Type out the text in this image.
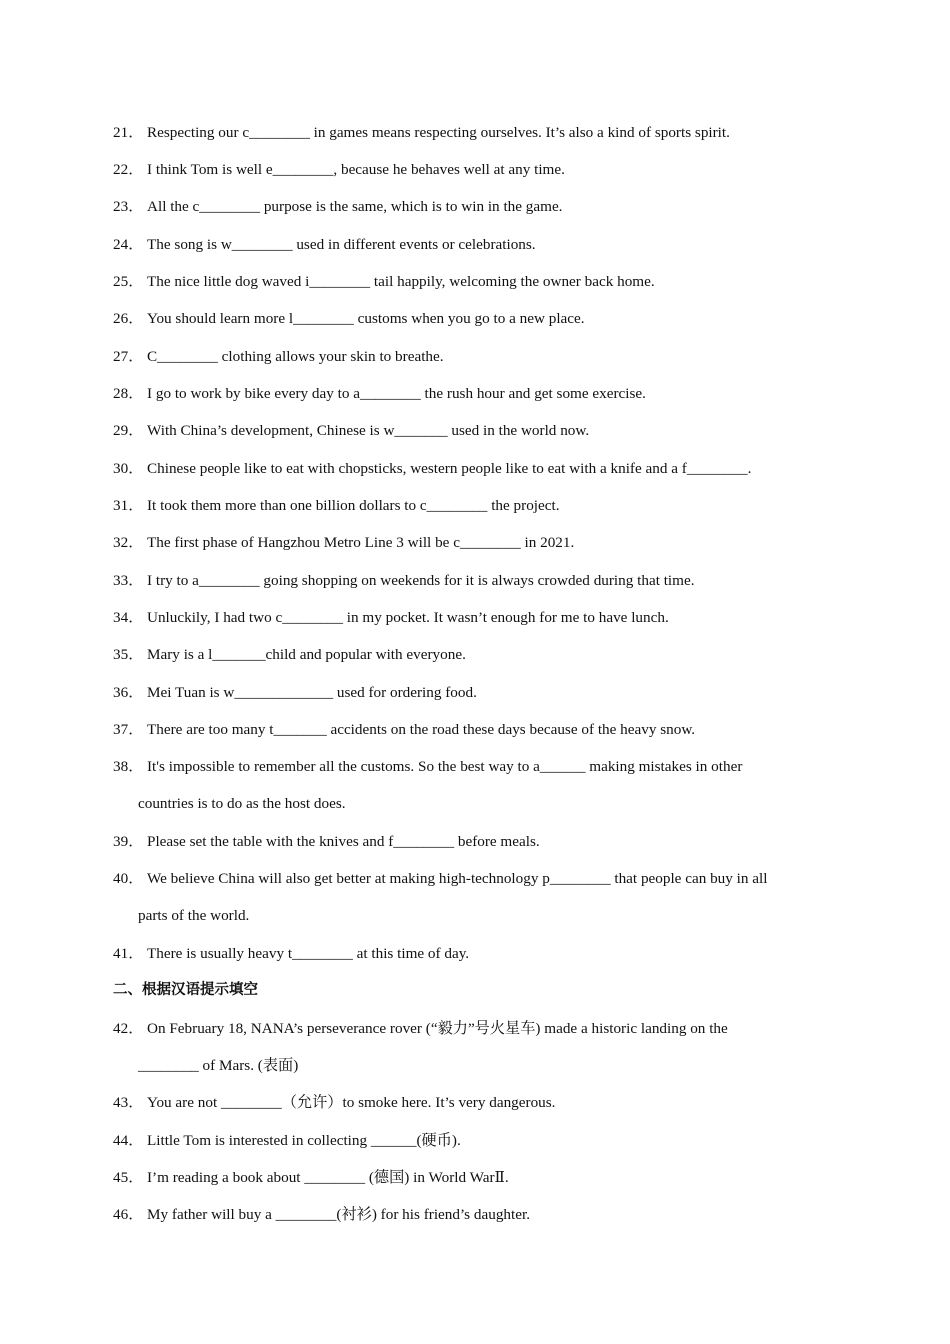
21． Respecting our c________ in games means respecting ourselves. It’s also a kind of sports spirit.
22． I think Tom is well e________, because he behaves well at any time.
23． All the c________ purpose is the same, which is to win in the game.
24． The song is w________ used in different events or celebrations.
25． The nice little dog waved i________ tail happily, welcoming the owner back home.
26． You should learn more l________ customs when you go to a new place.
27． C________ clothing allows your skin to breathe.
28． I go to work by bike every day to a________ the rush hour and get some exercise.
29． With China’s development, Chinese is w_______ used in the world now.
30． Chinese people like to eat with chopsticks, western people like to eat with a knife and a f________.
31． It took them more than one billion dollars to c________ the project.
32． The first phase of Hangzhou Metro Line 3 will be c________ in 2021.
33． I try to a________ going shopping on weekends for it is always crowded during that time.
34． Unluckily, I had two c________ in my pocket. It wasn’t enough for me to have lunch.
35． Mary is a l_______child and popular with everyone.
36． Mei Tuan is w_____________ used for ordering food.
37． There are too many t_______ accidents on the road these days because of the heavy snow.
38． It's impossible to remember all the customs. So the best way to a______ making mistakes in other
countries is to do as the host does.
39． Please set the table with the knives and f________ before meals.
40． We believe China will also get better at making high-technology p________ that people can buy in all
parts of the world.
41． There is usually heavy t________ at this time of day.
二、根据汉语提示填空
42． On February 18, NANA’s perseverance rover (“毅力”号火星车) made a historic landing on the
________ of Mars. (表面)
43． You are not ________（允许）to smoke here. It’s very dangerous.
44． Little Tom is interested in collecting ______(硬币).
45． I’m reading a book about ________ (德国) in World WarⅡ.
46． My father will buy a ________(衬衫) for his friend’s daughter.
